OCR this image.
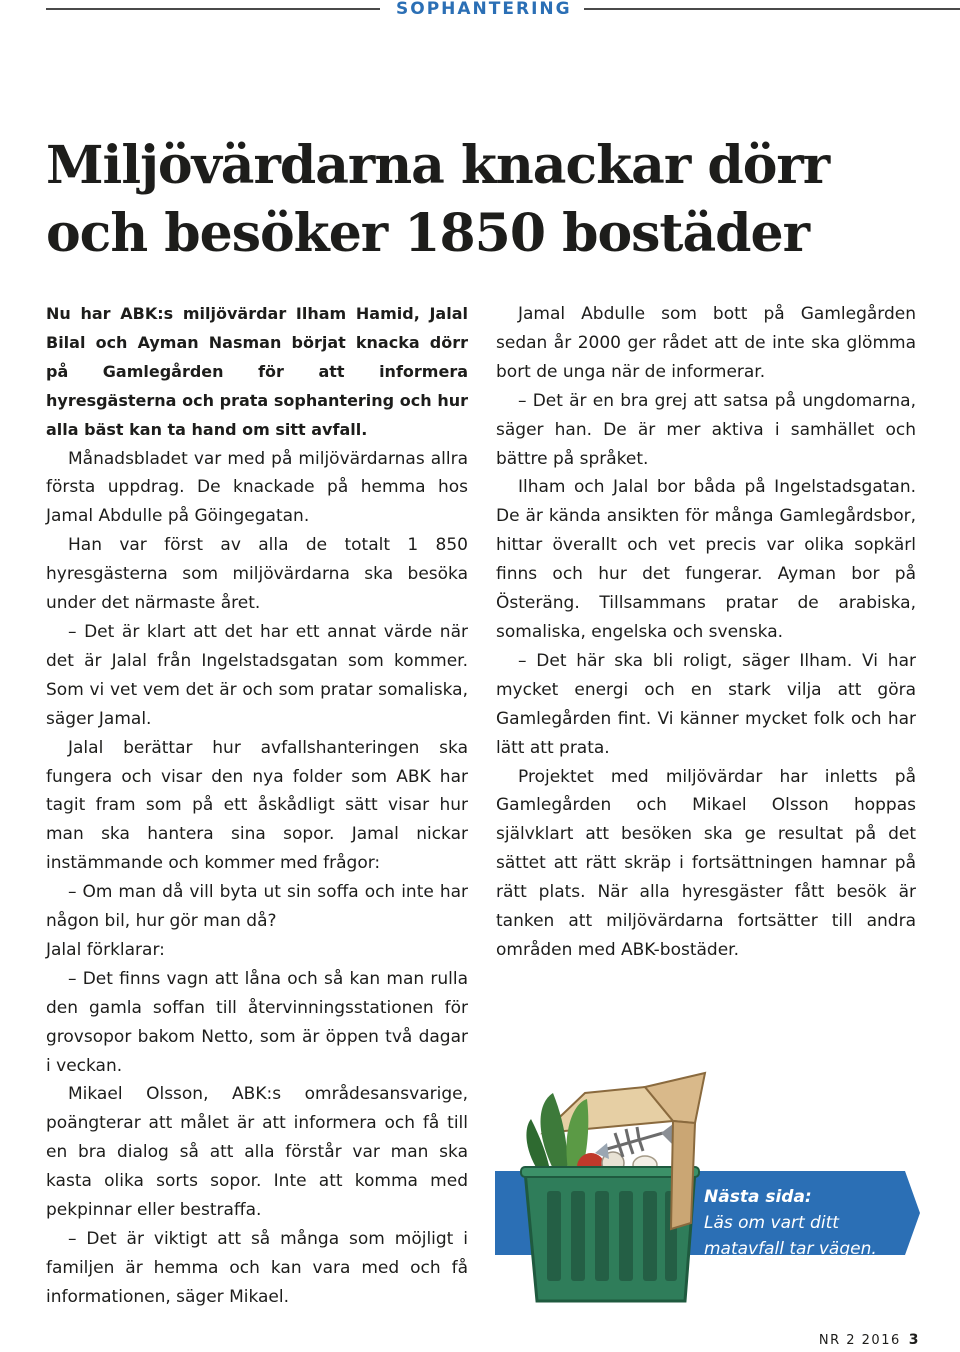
SOPHANTERING
Miljövärdarna knackar dörr
och besöker 1850 bostäder

Nu har ABK:s miljövärdar Ilham Hamid, Jalal Bilal och Ayman Nasman börjat knacka dörr på Gamlegården för att informera hyresgästerna och prata sophantering och hur alla bäst kan ta hand om sitt avfall.

Månadsbladet var med på miljövärdarnas allra första uppdrag. De knackade på hemma hos Jamal Abdulle på Göingegatan.

Han var först av alla de totalt 1 850 hyresgästerna som miljövärdarna ska besöka under det närmaste året.

– Det är klart att det har ett annat värde när det är Jalal från Ingelstadsgatan som kommer. Som vi vet vem det är och som pratar somaliska, säger Jamal.

Jalal berättar hur avfallshanteringen ska fungera och visar den nya folder som ABK har tagit fram som på ett åskådligt sätt visar hur man ska hantera sina sopor. Jamal nickar instämmande och kommer med frågor:

– Om man då vill byta ut sin soffa och inte har någon bil, hur gör man då?

Jalal förklarar:

– Det finns vagn att låna och så kan man rulla den gamla soffan till återvinningsstationen för grovsopor bakom Netto, som är öppen två dagar i veckan.

Mikael Olsson, ABK:s områdesansvarige, poängterar att målet är att informera och få till en bra dialog så att alla förstår var man ska kasta olika sorts sopor. Inte att komma med pekpinnar eller bestraffa.

– Det är viktigt att så många som möjligt i familjen är hemma och kan vara med och få informationen, säger Mikael.

Jamal Abdulle som bott på Gamlegården sedan år 2000 ger rådet att de inte ska glömma bort de unga när de informerar.

– Det är en bra grej att satsa på ungdomarna, säger han. De är mer aktiva i samhället och bättre på språket.

Ilham och Jalal bor båda på Ingelstadsgatan. De är kända ansikten för många Gamlegårdsbor, hittar överallt och vet precis var olika sopkärl finns och hur det fungerar. Ayman bor på Österäng. Tillsammans pratar de arabiska, somaliska, engelska och svenska.

– Det här ska bli roligt, säger Ilham. Vi har mycket energi och en stark vilja att göra Gamlegården fint. Vi känner mycket folk och har lätt att prata.

Projektet med miljövärdar har inletts på Gamlegården och Mikael Olsson hoppas självklart att besöken ska ge resultat på det sättet att rätt skräp i fortsättningen hamnar på rätt plats. När alla hyresgäster fått besök är tanken att miljövärdarna fortsätter till andra områden med ABK-bostäder.

Nästa sida:
Läs om vart ditt matavfall tar vägen.
NR 2 2016 3
